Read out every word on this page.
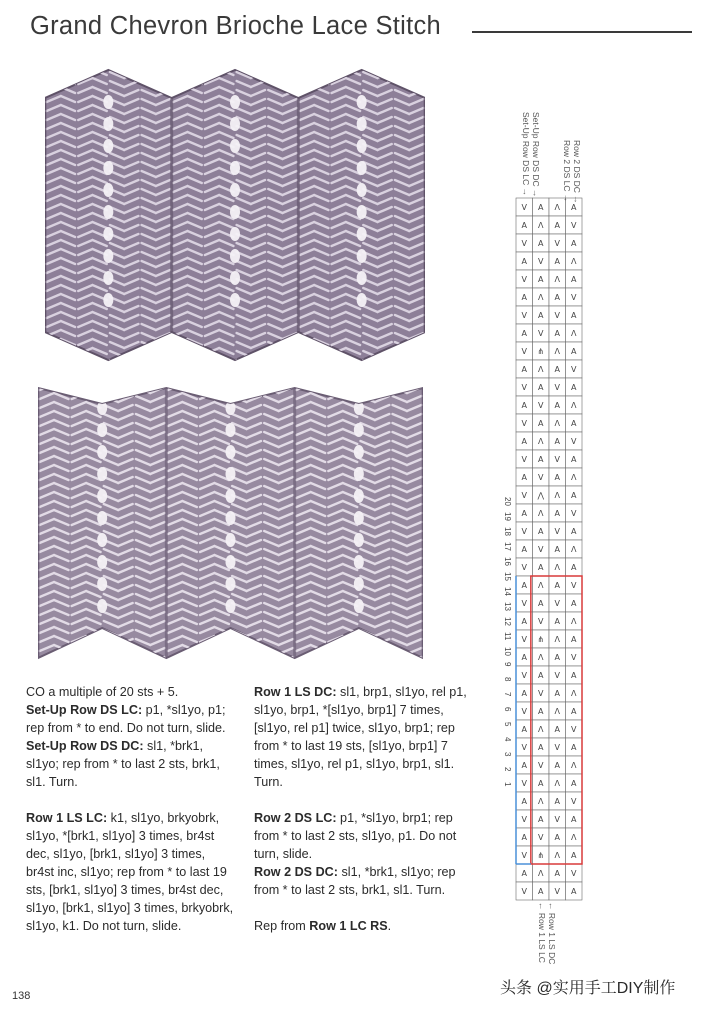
Grand Chevron Brioche Lace Stitch

CO a multiple of 20 sts + 5.
Set-Up Row DS LC: p1, *sl1yo, p1; rep from * to end. Do not turn, slide.
Set-Up Row DS DC: sl1, *brk1, sl1yo; rep from * to last 2 sts, brk1, sl1. Turn.

Row 1 LS LC: k1, sl1yo, brkyobrk, sl1yo, *[brk1, sl1yo] 3 times, br4st dec, sl1yo, [brk1, sl1yo] 3 times, br4st inc, sl1yo; rep from * to last 19 sts, [brk1, sl1yo] 3 times, br4st dec, sl1yo, [brk1, sl1yo] 3 times, brkyobrk, sl1yo, k1. Do not turn, slide.

Row 1 LS DC: sl1, brp1, sl1yo, rel p1, sl1yo, brp1, *[sl1yo, brp1] 7 times, [sl1yo, rel p1] twice, sl1yo, brp1; rep from * to last 19 sts, [sl1yo, brp1] 7 times, sl1yo, rel p1, sl1yo, brp1, sl1. Turn.

Row 2 DS LC: p1, *sl1yo, brp1; rep from * to last 2 sts, sl1yo, p1. Do not turn, slide.
Row 2 DS DC: sl1, *brk1, sl1yo; rep from * to last 2 sts, brk1, sl1. Turn.

Rep from Row 1 LC RS.

V A Ʌ A
A Ʌ A V
V A V A
A V A Ʌ
V A Ʌ A
A Ʌ A V
V A V A
A V A Ʌ
V ⋔ Ʌ A
A Ʌ A V
V A V A
A V A Ʌ
V A Ʌ A
A Ʌ A V
V A V A
A V A Ʌ
V ⋀ Ʌ A
A Ʌ A V
V A V A
A V A Ʌ
V A Ʌ A
A Ʌ A V
V A V A
A V A Ʌ
V ⋔ Ʌ A
A Ʌ A V
V A V A
A V A Ʌ
V A Ʌ A
A Ʌ A V
V A V A
A V A Ʌ
V A Ʌ A
A Ʌ A V
V A V A
A V A Ʌ
V ⋔ Ʌ A
A Ʌ A V
V A V A
Row 2 DS DC →
Row 2 DS LC →
Set-Up Row DS DC →
Set-Up Row DS LC →
← Row 1 LS DC
← Row 1 LS LC
20
19
18
17
16
15
14
13
12
11
10
9
8
7
6
5
4
3
2
1
138	头条 @实用手工DIY制作
